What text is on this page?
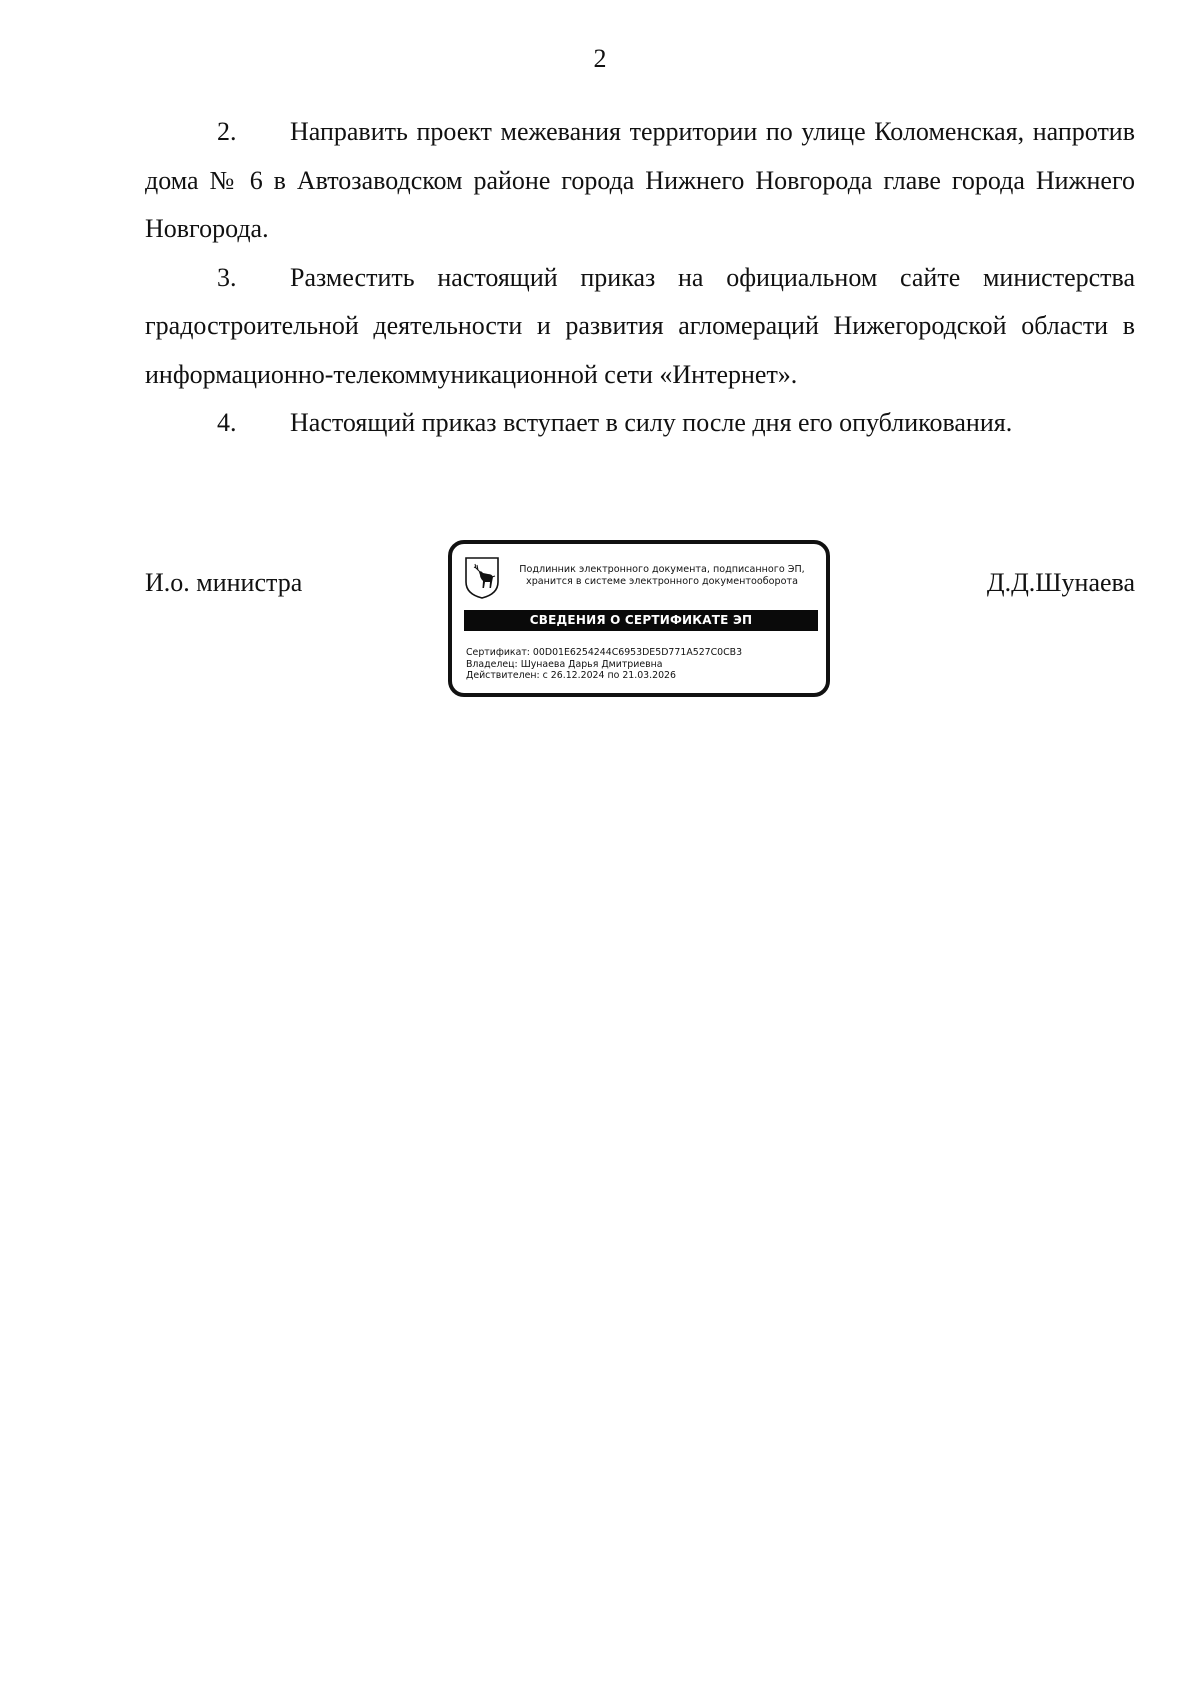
2

2. Направить проект межевания территории по улице Коломенская, напротив дома № 6 в Автозаводском районе города Нижнего Новгорода главе города Нижнего Новгорода.

3. Разместить настоящий приказ на официальном сайте министерства градостроительной деятельности и развития агломераций Нижегородской области в информационно-телекоммуникационной сети «Интернет».

4. Настоящий приказ вступает в силу после дня его опубликования.

И.о. министра	Подлинник электронного документа, подписанного ЭП,
хранится в системе электронного документооборота
СВЕДЕНИЯ О СЕРТИФИКАТЕ ЭП
Сертификат: 00D01E6254244C6953DE5D771A527C0CB3
Владелец: Шунаева Дарья Дмитриевна
Действителен: с 26.12.2024 по 21.03.2026
Д.Д.Шунаева
